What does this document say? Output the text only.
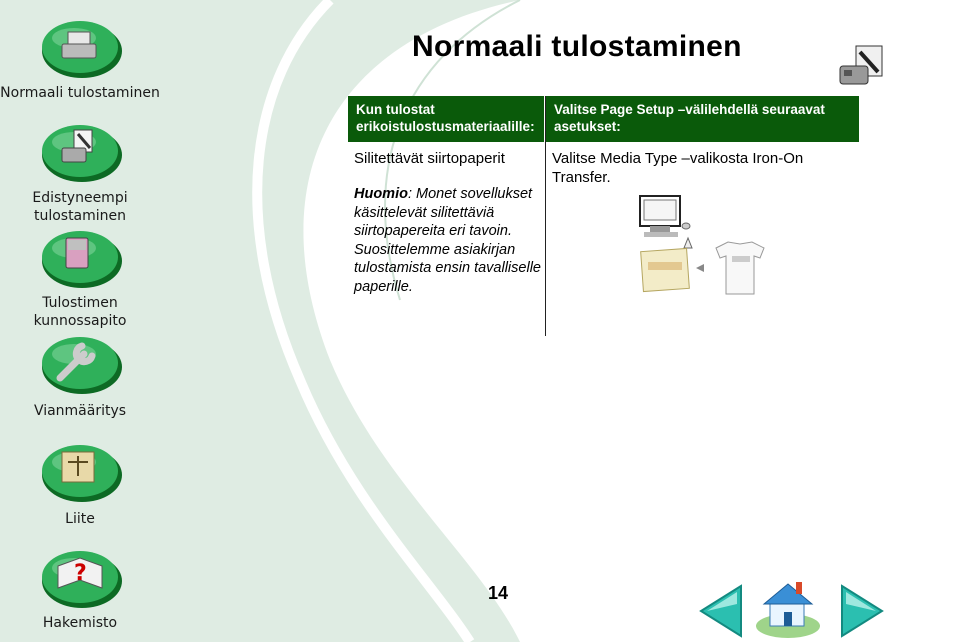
Normaali tulostaminen
Edistyneempi tulostaminen
Tulostimen kunnossapito
Vianmääritys
Liite
?
Hakemisto
Normaali tulostaminen
Kun tulostat erikoistulostusmateriaalille:
Valitse Page Setup –välilehdellä seuraavat asetukset:
Silitettävät siirtopaperit
Huomio: Monet sovellukset käsittelevät silitettäviä siirtopapereita eri tavoin. Suosittelemme asiakirjan tulostamista ensin tavalliselle paperille.
Valitse Media Type –valikosta Iron-On Transfer.
14
